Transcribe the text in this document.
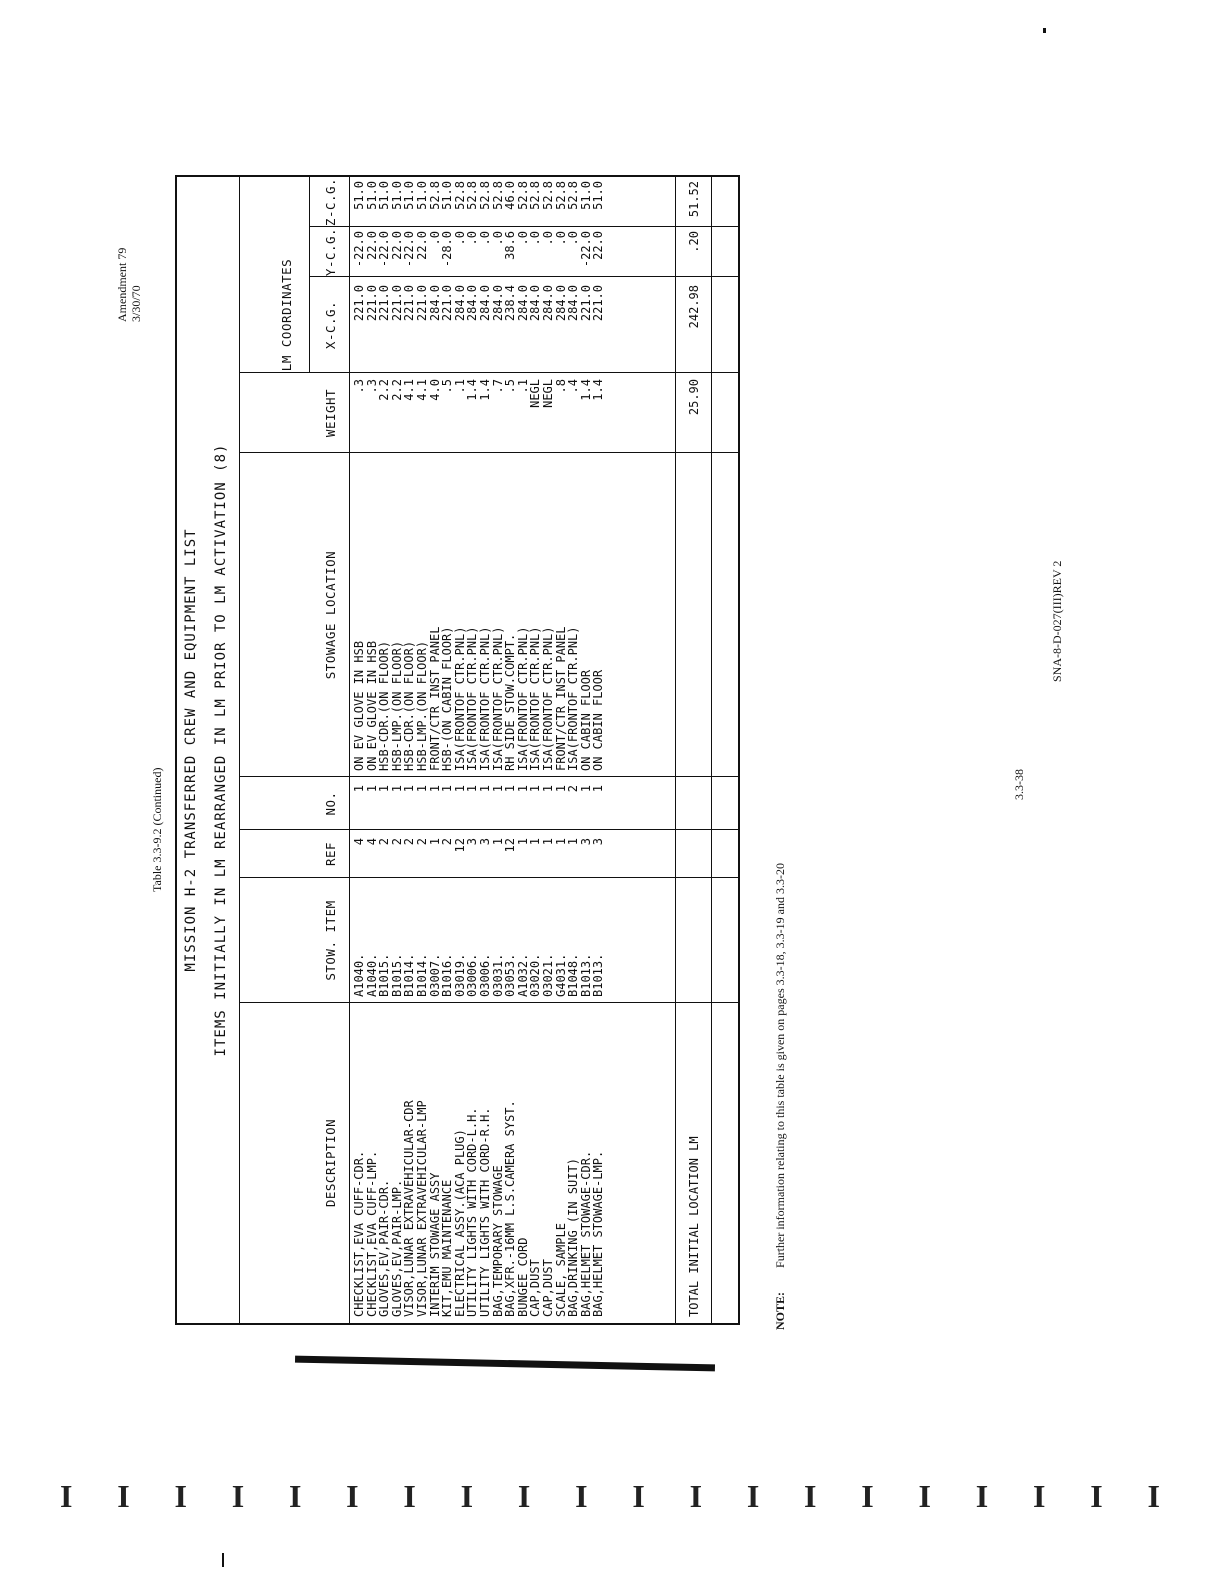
Amendment 79 3/30/70
Table 3.3-9.2 (Continued) MISSION H-2 TRANSFERRED CREW AND EQUIPMENT LIST ITEMS INITIALLY IN LM REARRANGED IN LM PRIOR TO LM ACTIVATION (8)
LM COORDINATES
DESCRIPTION
STOW. ITEM
REF
NO.
STOWAGE LOCATION
WEIGHT
X-C.G.
Y-C.G.
Z-C.G.
CHECKLIST,EVA CUFF-CDR.
CHECKLIST,EVA CUFF-LMP.
GLOVES,EV,PAIR-CDR.
GLOVES,EV,PAIR-LMP.
VISOR,LUNAR EXTRAVEHICULAR-CDR
VISOR,LUNAR EXTRAVEHICULAR-LMP
INTERIM STOWAGE ASSY
KIT,EMU MAINTENANCE
ELECTRICAL ASSY.(ACA PLUG)
UTILITY LIGHTS WITH CORD-L.H.
UTILITY LIGHTS WITH CORD-R.H.
BAG,TEMPORARY STOWAGE
BAG,XFR.-16MM L.S.CAMERA SYST.
BUNGEE CORD
CAP,DUST
CAP,DUST
SCALE, SAMPLE
BAG,DRINKING (IN SUIT)
BAG,HELMET STOWAGE-CDR.
BAG,HELMET STOWAGE-LMP.
A1040.
A1040.
B1015.
B1015.
B1014.
B1014.
03007.
B1016.
03019.
03006.
03006.
03031.
03053.
A1032.
03020.
03021.
G4031.
B1048.
B1013.
B1013.
4
4
2
2
2
2
1
2
12
3
3
1
12
1
1
1
1
1
3
3
1
1
1
1
1
1
1
1
1
1
1
1
1
1
1
1
1
2
1
1
ON EV GLOVE IN HSB
ON EV GLOVE IN HSB
HSB-CDR.(ON FLOOR)
HSB-LMP.(ON FLOOR)
HSB-CDR.(ON FLOOR)
HSB-LMP.(ON FLOOR)
FRONT/CTR INST PANEL
HSB-(ON CABIN FLOOR)
ISA(FRONTOF CTR.PNL)
ISA(FRONTOF CTR.PNL)
ISA(FRONTOF CTR.PNL)
ISA(FRONTOF CTR.PNL)
RH SIDE STOW.COMPT.
ISA(FRONTOF CTR.PNL)
ISA(FRONTOF CTR.PNL)
ISA(FRONTOF CTR.PNL)
FRONT/CTR INST PANEL
ISA(FRONTOF CTR.PNL)
ON CABIN FLOOR
ON CABIN FLOOR
.3
.3
2.2
2.2
4.1
4.1
4.0
.5
.1
1.4
1.4
.7
.5
.1
NEGL
NEGL
.8
.4
1.4
1.4
221.0
221.0
221.0
221.0
221.0
221.0
284.0
221.0
284.0
284.0
284.0
284.0
238.4
284.0
284.0
284.0
284.0
284.0
221.0
221.0
-22.0
22.0
-22.0
22.0
-22.0
22.0
.0
-28.0
.0
.0
.0
.0
38.6
.0
.0
.0
.0
.0
-22.0
22.0
51.0
51.0
51.0
51.0
51.0
51.0
52.8
51.0
52.8
52.8
52.8
52.8
46.0
52.8
52.8
52.8
52.8
52.8
51.0
51.0
TOTAL INITIAL LOCATION LM
25.90
242.98
.20
51.52
NOTE:Further information relating to this table is given on pages 3.3-18, 3.3-19 and 3.3-20
3.3-38
SNA-8-D-027(III)REV 2
I I I I I I I I I I I I I I I I I I I I
